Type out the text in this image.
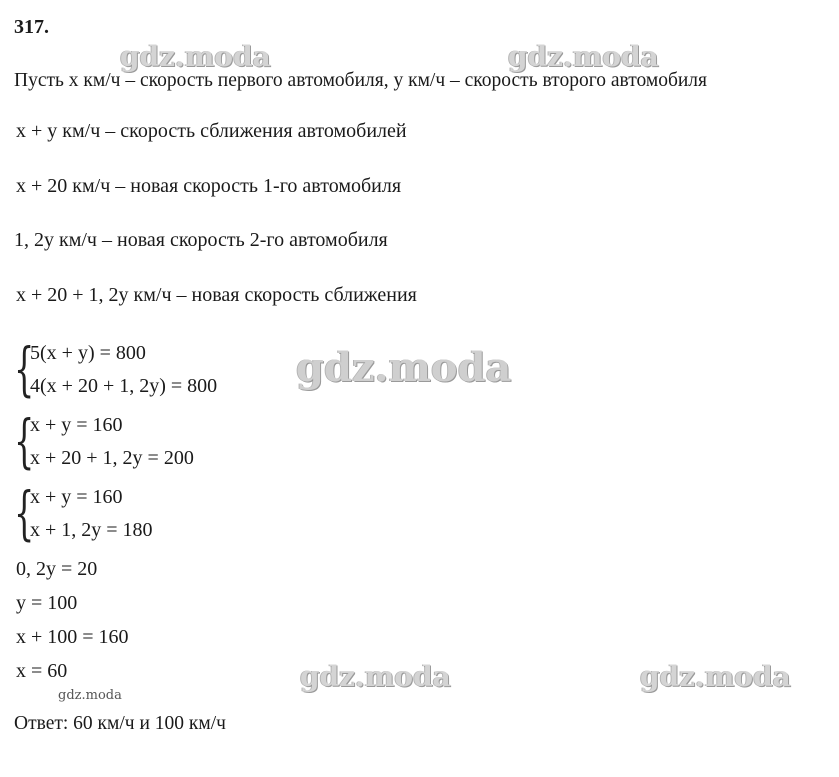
gdz.moda	gdz.moda
gdz.moda
gdz.moda	gdz.moda
gdz.moda
317.
Пусть x км/ч – скорость первого автомобиля, y км/ч – скорость второго автомобиля
x + y км/ч – скорость сближения автомобилей
x + 20 км/ч – новая скорость 1-го автомобиля
1, 2y км/ч – новая скорость 2-го автомобиля
x + 20 + 1, 2y км/ч – новая скорость сближения
{
5(x + y) = 800
4(x + 20 + 1, 2y) = 800
{
x + y = 160
x + 20 + 1, 2y = 200
{
x + y = 160
x + 1, 2y = 180
0, 2y = 20
y = 100
x + 100 = 160
x = 60
Ответ: 60 км/ч и 100 км/ч
